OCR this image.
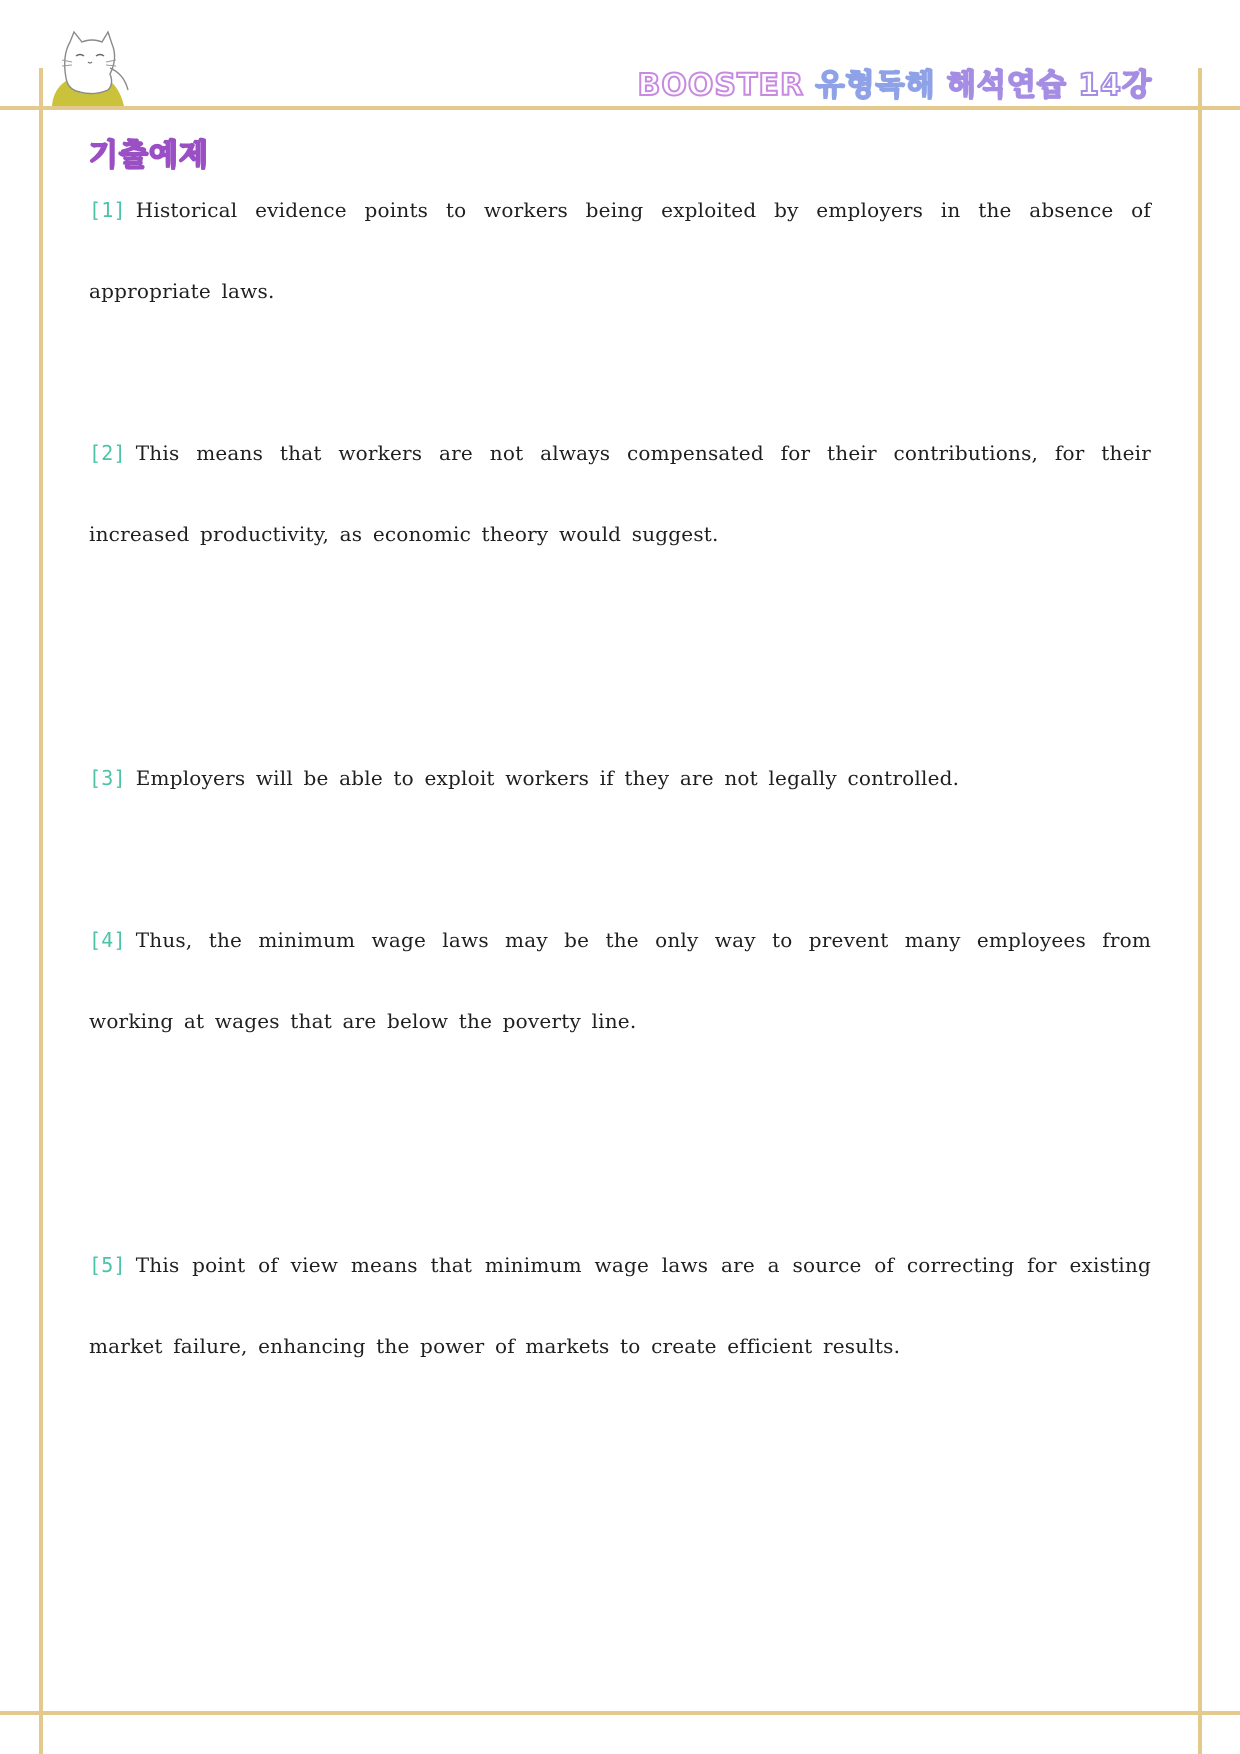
BOOSTER 유형독해 해석연습 14강
기출예제

[1] Historical evidence points to workers being exploited by employers in the absence of appropriate laws.

[2] This means that workers are not always compensated for their contributions, for their increased productivity, as economic theory would suggest.

[3] Employers will be able to exploit workers if they are not legally controlled.

[4] Thus, the minimum wage laws may be the only way to prevent many employees from working at wages that are below the poverty line.

[5] This point of view means that minimum wage laws are a source of correcting for existing market failure, enhancing the power of markets to create efficient results.
